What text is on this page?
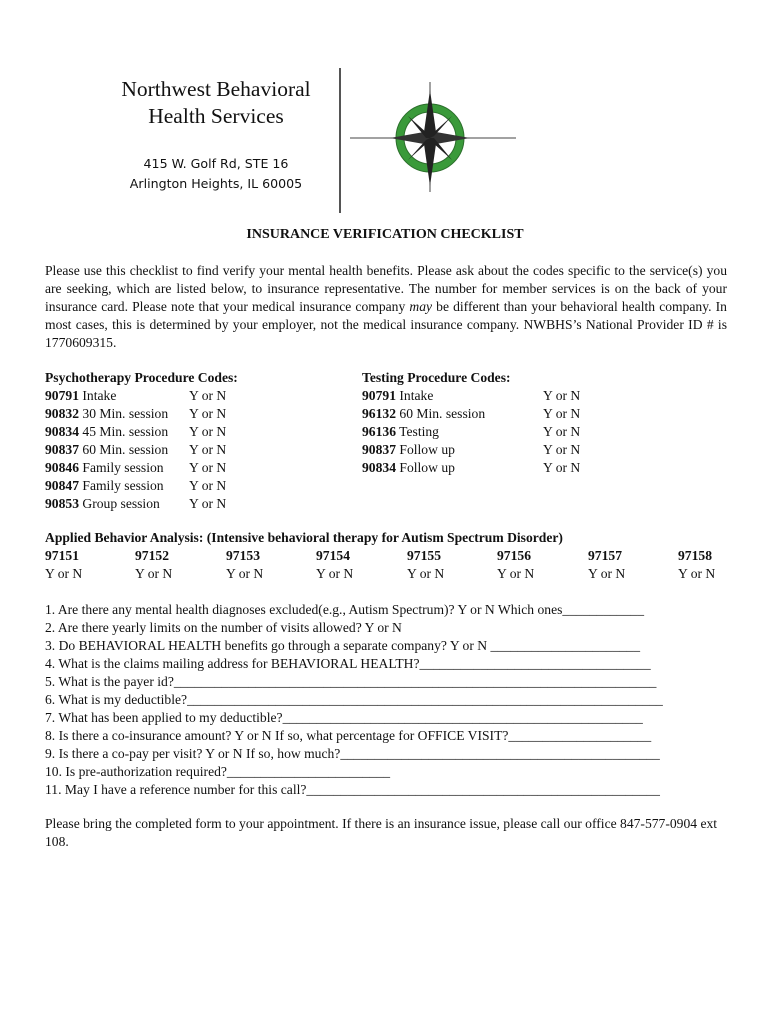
Northwest Behavioral
Health Services
415 W. Golf Rd, STE 16
Arlington Heights, IL 60005
INSURANCE VERIFICATION CHECKLIST

Please use this checklist to find verify your mental health benefits. Please ask about the codes specific to the service(s) you are seeking, which are listed below, to insurance representative. The number for member services is on the back of your insurance card. Please note that your medical insurance company may be different than your behavioral health company. In most cases, this is determined by your employer, not the medical insurance company. NWBHS’s National Provider ID # is 1770609315.

Psychotherapy Procedure Codes:
90791 Intake	Y or N
90832 30 Min. session Y or N
90834 45 Min. session Y or N
90837 60 Min. session Y or N
90846 Family session Y or N
90847 Family session Y or N
90853 Group session Y or N
Testing Procedure Codes:
90791 Intake	Y or N
96132 60 Min. session	Y or N
96136 Testing	Y or N
90837 Follow up	Y or N
90834 Follow up	Y or N
Applied Behavior Analysis: (Intensive behavioral therapy for Autism Spectrum Disorder)
97151	97152	97153	97154	97155	97156	97157	97158
Y or N	Y or N	Y or N	Y or N	Y or N	Y or N	Y or N	Y or N
1. Are there any mental health diagnoses excluded(e.g., Autism Spectrum)? Y or N Which ones____________
2. Are there yearly limits on the number of visits allowed? Y or N
3. Do BEHAVIORAL HEALTH benefits go through a separate company? Y or N ______________________
4. What is the claims mailing address for BEHAVIORAL HEALTH?__________________________________
5. What is the payer id?_______________________________________________________________________
6. What is my deductible?______________________________________________________________________
7. What has been applied to my deductible?_____________________________________________________
8. Is there a co-insurance amount? Y or N If so, what percentage for OFFICE VISIT?_____________________
9. Is there a co-pay per visit? Y or N If so, how much?_______________________________________________
10. Is pre-authorization required?________________________
11. May I have a reference number for this call?____________________________________________________

Please bring the completed form to your appointment. If there is an insurance issue, please call our office 847-577-0904 ext 108.
